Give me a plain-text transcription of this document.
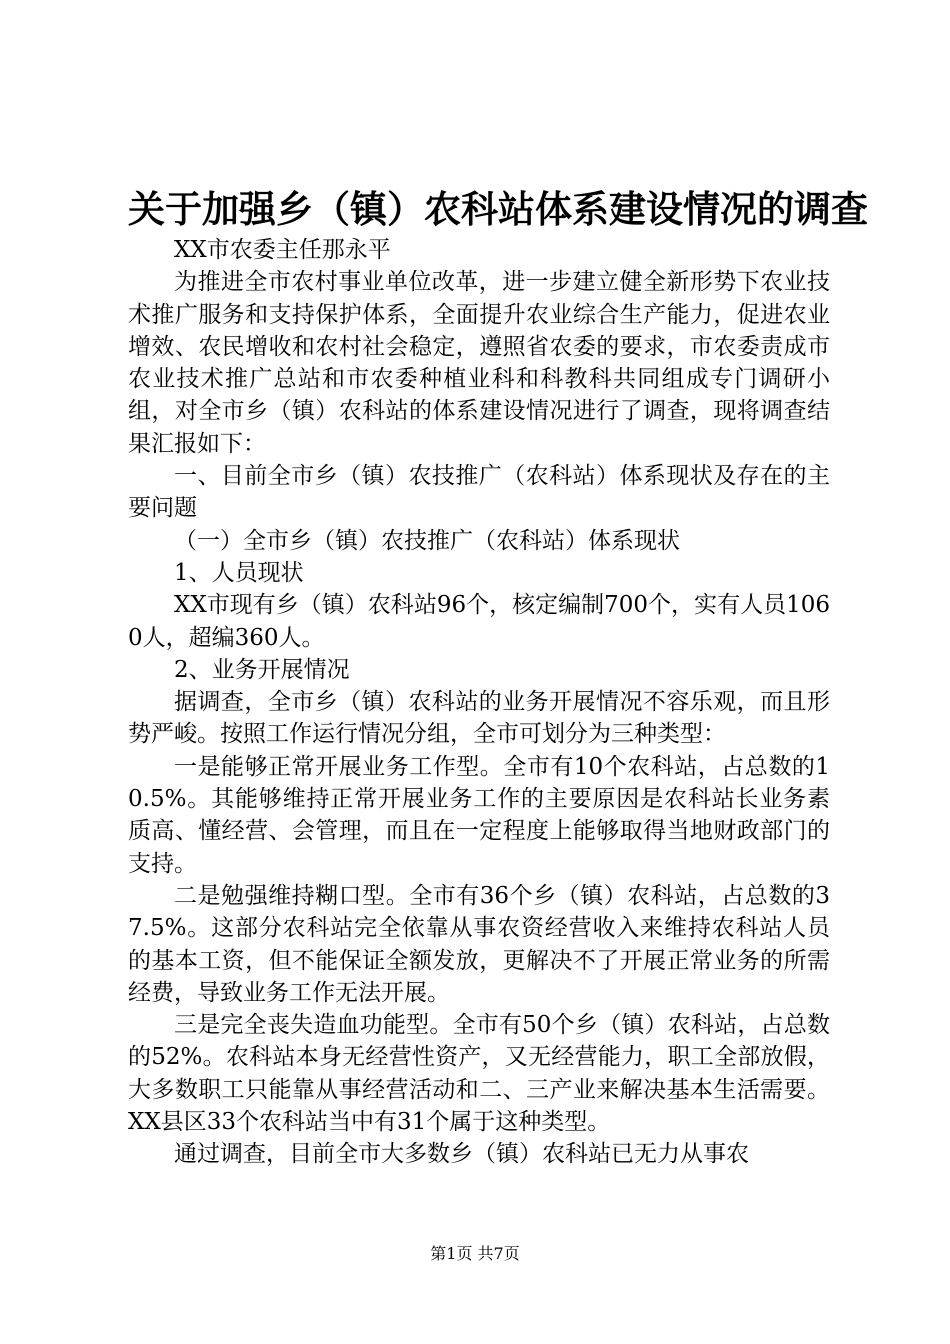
关于加强乡（镇）农科站体系建设情况的调查

XX市农委主任那永平

为推进全市农村事业单位改革，进一步建立健全新形势下农业技术推广服务和支持保护体系，全面提升农业综合生产能力，促进农业增效、农民增收和农村社会稳定，遵照省农委的要求，市农委责成市农业技术推广总站和市农委种植业科和科教科共同组成专门调研小组，对全市乡（镇）农科站的体系建设情况进行了调查，现将调查结果汇报如下：

一、目前全市乡（镇）农技推广（农科站）体系现状及存在的主要问题

（一）全市乡（镇）农技推广（农科站）体系现状

1、人员现状

XX市现有乡（镇）农科站96个，核定编制700个，实有人员1060人，超编360人。

2、业务开展情况

据调查，全市乡（镇）农科站的业务开展情况不容乐观，而且形势严峻。按照工作运行情况分组，全市可划分为三种类型：

一是能够正常开展业务工作型。全市有10个农科站，占总数的10.5%。其能够维持正常开展业务工作的主要原因是农科站长业务素质高、懂经营、会管理，而且在一定程度上能够取得当地财政部门的支持。

二是勉强维持糊口型。全市有36个乡（镇）农科站，占总数的37.5%。这部分农科站完全依靠从事农资经营收入来维持农科站人员的基本工资，但不能保证全额发放，更解决不了开展正常业务的所需经费，导致业务工作无法开展。

三是完全丧失造血功能型。全市有50个乡（镇）农科站，占总数的52%。农科站本身无经营性资产，又无经营能力，职工全部放假，大多数职工只能靠从事经营活动和二、三产业来解决基本生活需要。XX县区33个农科站当中有31个属于这种类型。

通过调查，目前全市大多数乡（镇）农科站已无力从事农

第1页 共7页
